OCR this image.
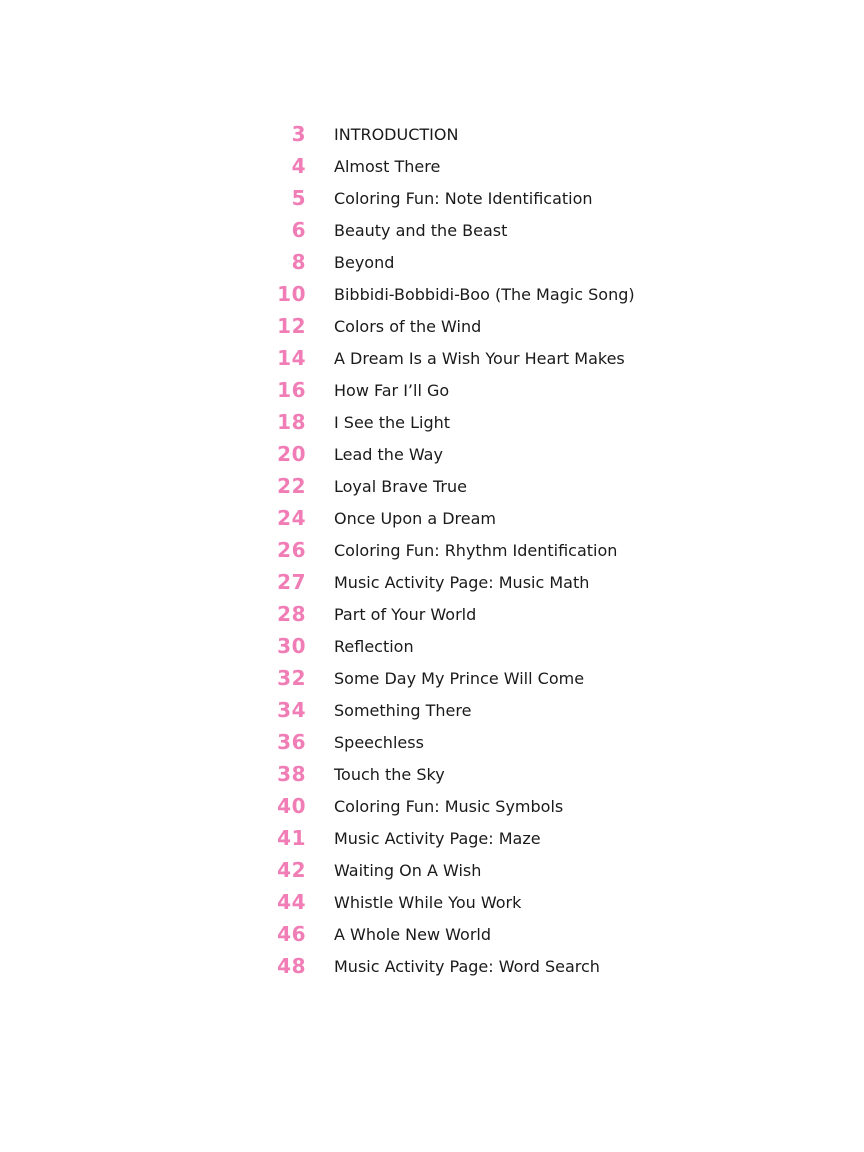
3 INTRODUCTION
4 Almost There
5 Coloring Fun: Note Identification
6 Beauty and the Beast
8 Beyond
10 Bibbidi-Bobbidi-Boo (The Magic Song)
12 Colors of the Wind
14 A Dream Is a Wish Your Heart Makes
16 How Far I’ll Go
18 I See the Light
20 Lead the Way
22 Loyal Brave True
24 Once Upon a Dream
26 Coloring Fun: Rhythm Identification
27 Music Activity Page: Music Math
28 Part of Your World
30 Reflection
32 Some Day My Prince Will Come
34 Something There
36 Speechless
38 Touch the Sky
40 Coloring Fun: Music Symbols
41 Music Activity Page: Maze
42 Waiting On A Wish
44 Whistle While You Work
46 A Whole New World
48 Music Activity Page: Word Search
